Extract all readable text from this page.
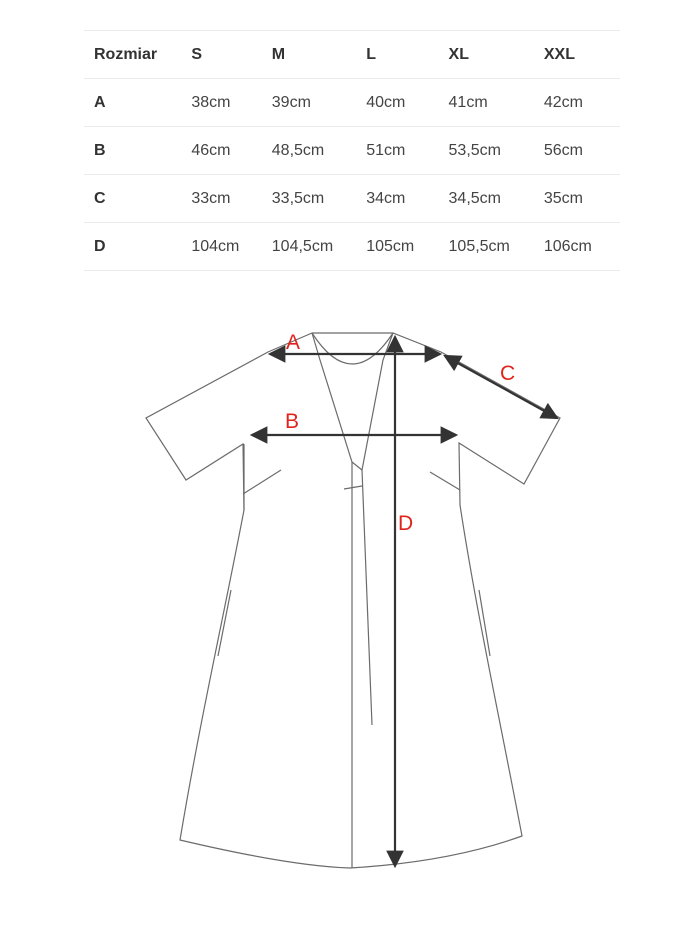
Rozmiar	S	M	L	XL	XXL
A	38cm	39cm	40cm	41cm	42cm
B	46cm	48,5cm	51cm	53,5cm	56cm
C	33cm	33,5cm	34cm	34,5cm	35cm
D	104cm	104,5cm	105cm	105,5cm	106cm
A
B
C
D
